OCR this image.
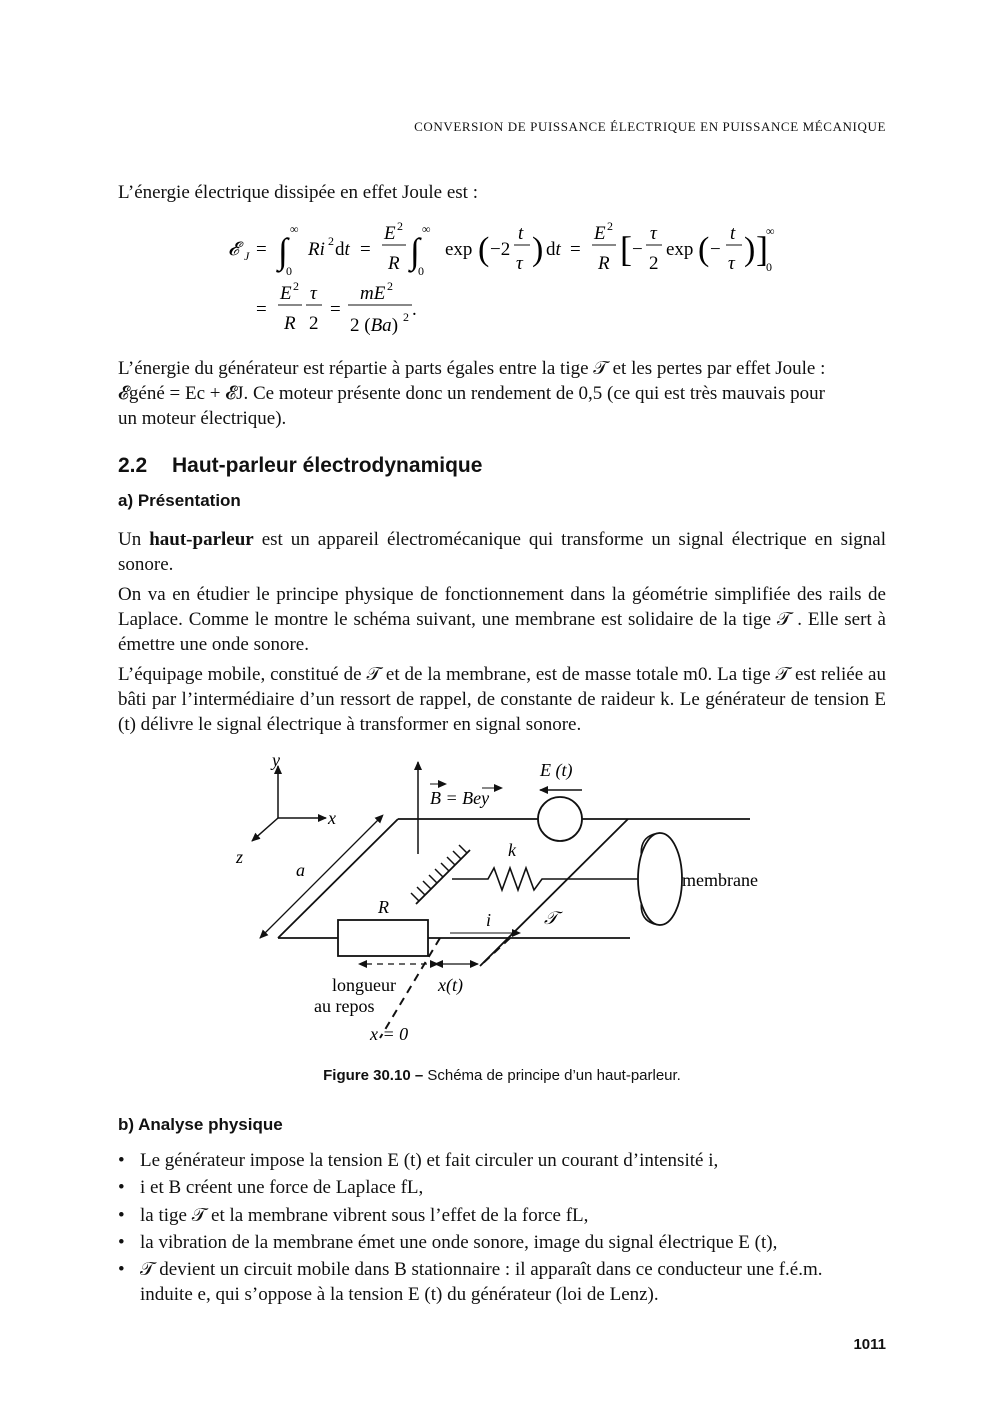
CONVERSION DE PUISSANCE ÉLECTRIQUE EN PUISSANCE MÉCANIQUE
L’énergie électrique dissipée en effet Joule est :
𝓔 J = ∫
∞
0
Ri 2 dt =
E 2
R ∫
∞
0
exp ( −2
t
τ ) dt =
E 2
R [ −
τ
2
exp ( −
t
τ ) ]
∞
0
=
E 2
R
τ
2
=
mE 2
2 (Ba) 2 .
L’énergie du générateur est répartie à parts égales entre la tige 𝒯 et les pertes par effet Joule :
𝓔géné = Ec + 𝓔J. Ce moteur présente donc un rendement de 0,5 (ce qui est très mauvais pour
un moteur électrique).
2.2 Haut-parleur électrodynamique
a) Présentation
Un haut-parleur est un appareil électromécanique qui transforme un signal électrique en signal sonore.
On va en étudier le principe physique de fonctionnement dans la géométrie simplifiée des rails de Laplace. Comme le montre le schéma suivant, une membrane est solidaire de la tige 𝒯 . Elle sert à émettre une onde sonore.
L’équipage mobile, constitué de 𝒯 et de la membrane, est de masse totale m0. La tige 𝒯 est reliée au bâti par l’intermédiaire d’un ressort de rappel, de constante de raideur k. Le générateur de tension E (t) délivre le signal électrique à transformer en signal sonore.
y
x
z
a
B = Bey
E (t)
𝒯
k
membrane
R
i
longueur
au repos
x(t)
x = 0
Figure 30.10 – Schéma de principe d’un haut-parleur.
b) Analyse physique
• Le générateur impose la tension E (t) et fait circuler un courant d’intensité i,
• i et B créent une force de Laplace fL,
• la tige 𝒯 et la membrane vibrent sous l’effet de la force fL,
• la vibration de la membrane émet une onde sonore, image du signal électrique E (t),
• 𝒯 devient un circuit mobile dans B stationnaire : il apparaît dans ce conducteur une f.é.m.
induite e, qui s’oppose à la tension E (t) du générateur (loi de Lenz).
1011
